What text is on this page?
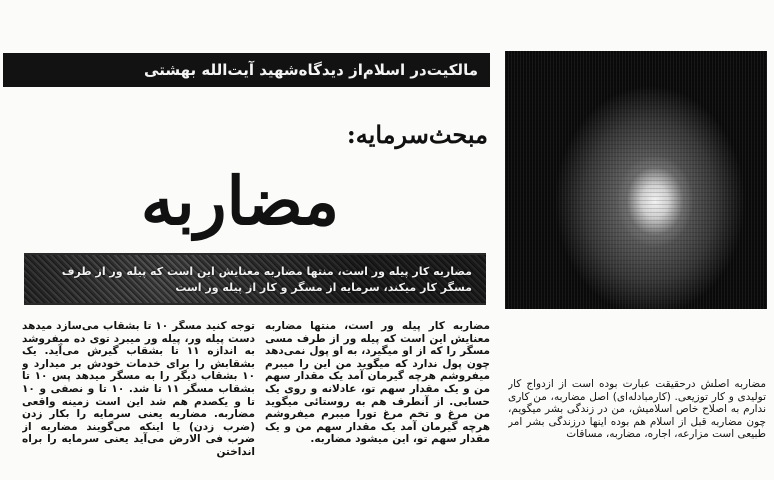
مالکیت‌در اسلام‌از دیدگاه‌شهید آیت‌الله بهشتی
مبحث‌سرمایه:
مضاربه
مضاربه کار پیله ور است، منتها مضاربه معنایش این است که پیله ور از طرف مسگر کار میکند، سرمایه از مسگر و کار از پیله ور است
مضاربه اصلش درحقیقت عبارت بوده است از ازدواج کار تولیدی و کار توزیعی. (کارمبادله‌ای) اصل مضاربه، من کاری ندارم به اصلاح خاص اسلامیش، من در زندگی بشر میگویم، چون مضاربه قبل از اسلام هم بوده اینها درزندگی بشر امر طبیعی است مزارعه، اجاره، مضاربه، مساقات
مضاربه کار پیله ور است، منتها مضاربه معنایش این است که پیله ور از طرف مسی مسگر را که از او میگیرد، به او پول نمی‌دهد چون پول ندارد که میگوید من این را میبرم میفروشم هرچه گیرمان آمد یک مقدار سهم من و یک مقدار سهم تو، عادلانه و روی یک حسابی. از آنطرف هم به روستائی میگوید من مرغ و تخم مرغ تورا میبرم میفروشم هرچه گیرمان آمد یک مقدار سهم من و یک مقدار سهم تو، این میشود مضاربه.
توجه کنید مسگر ۱۰ تا بشقاب می‌سازد میدهد دست پیله ور، پیله ور میبرد توی ده میفروشد به اندازه ۱۱ تا بشقاب گیرش می‌آید. یک بشقابش را برای خدمات خودش بر میدارد و ۱۰ بشقاب دیگر را به مسگر میدهد پس ۱۰ تا بشقاب مسگر ۱۱ تا شد. ۱۰ تا و نصفی و ۱۰ تا و یکصدم هم شد این است زمینه واقعی مضاربه. مضاربه یعنی سرمایه را بکار زدن (ضرب زدن) یا اینکه می‌گویند مضاربه از ضرب فی الارض می‌آید یعنی سرمایه را براه انداختن
